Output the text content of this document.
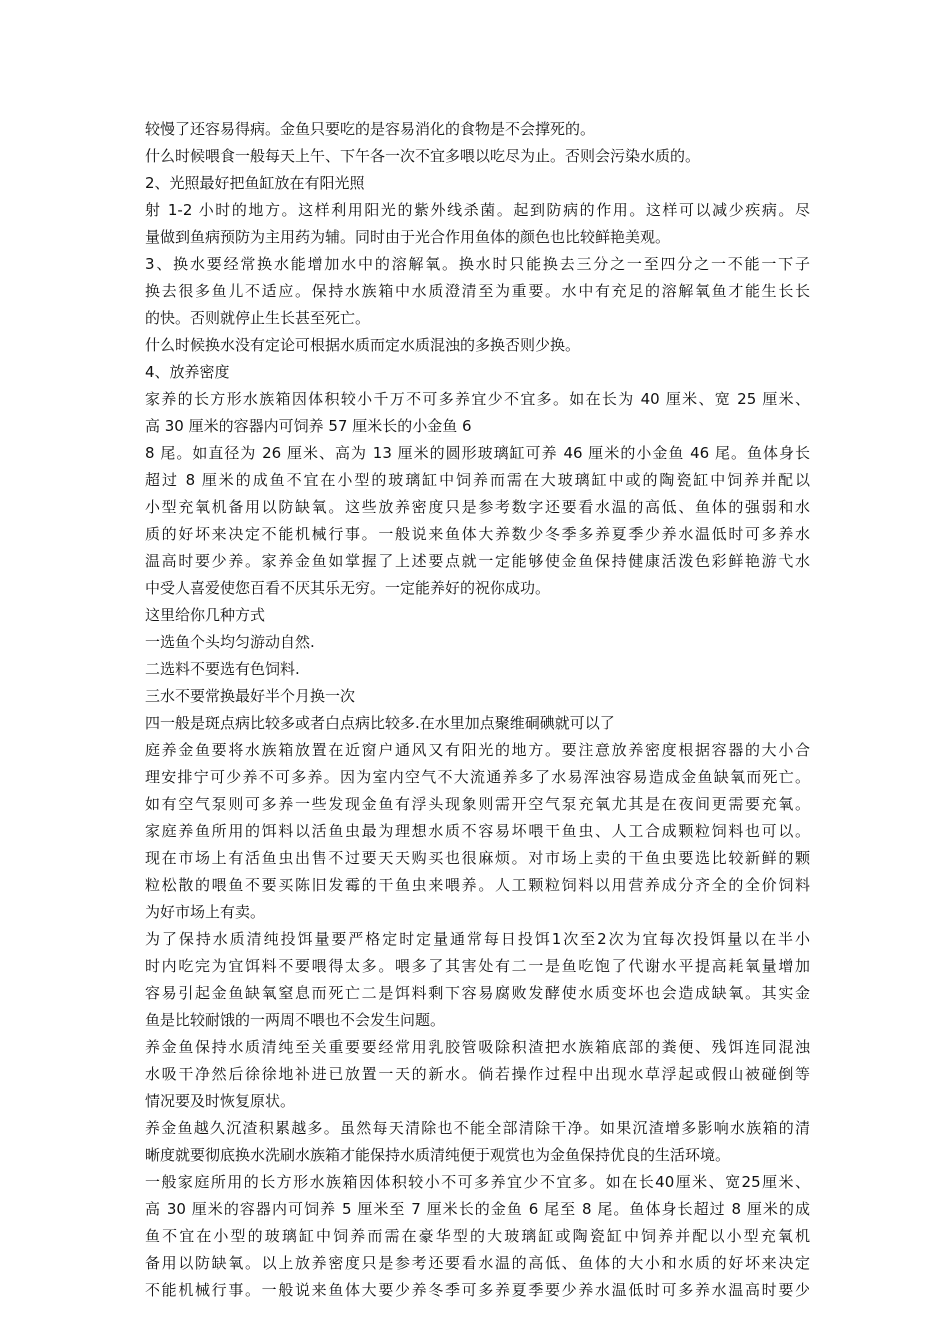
较慢了还容易得病。金鱼只要吃的是容易消化的食物是不会撑死的。
什么时候喂食一般每天上午、下午各一次不宜多喂以吃尽为止。否则会污染水质的。
2、光照最好把鱼缸放在有阳光照
射 1-2 小时的地方。这样利用阳光的紫外线杀菌。起到防病的作用。这样可以减少疾病。尽
量做到鱼病预防为主用药为辅。同时由于光合作用鱼体的颜色也比较鲜艳美观。
3、换水要经常换水能增加水中的溶解氧。换水时只能换去三分之一至四分之一不能一下子
换去很多鱼儿不适应。保持水族箱中水质澄清至为重要。水中有充足的溶解氧鱼才能生长长
的快。否则就停止生长甚至死亡。
什么时候换水没有定论可根据水质而定水质混浊的多换否则少换。
4、放养密度
家养的长方形水族箱因体积较小千万不可多养宜少不宜多。如在长为 40 厘米、宽 25 厘米、
高 30 厘米的容器内可饲养 57 厘米长的小金鱼 6
8 尾。如直径为 26 厘米、高为 13 厘米的圆形玻璃缸可养 46 厘米的小金鱼 46 尾。鱼体身长
超过 8 厘米的成鱼不宜在小型的玻璃缸中饲养而需在大玻璃缸中或的陶瓷缸中饲养并配以
小型充氧机备用以防缺氧。这些放养密度只是参考数字还要看水温的高低、鱼体的强弱和水
质的好坏来决定不能机械行事。一般说来鱼体大养数少冬季多养夏季少养水温低时可多养水
温高时要少养。家养金鱼如掌握了上述要点就一定能够使金鱼保持健康活泼色彩鲜艳游弋水
中受人喜爱使您百看不厌其乐无穷。一定能养好的祝你成功。
这里给你几种方式
一选鱼个头均匀游动自然.
二选料不要选有色饲料.
三水不要常换最好半个月换一次
四一般是斑点病比较多或者白点病比较多.在水里加点聚维硐碘就可以了
庭养金鱼要将水族箱放置在近窗户通风又有阳光的地方。要注意放养密度根据容器的大小合
理安排宁可少养不可多养。因为室内空气不大流通养多了水易浑浊容易造成金鱼缺氧而死亡。
如有空气泵则可多养一些发现金鱼有浮头现象则需开空气泵充氧尤其是在夜间更需要充氧。
家庭养鱼所用的饵料以活鱼虫最为理想水质不容易坏喂干鱼虫、人工合成颗粒饲料也可以。
现在市场上有活鱼虫出售不过要天天购买也很麻烦。对市场上卖的干鱼虫要选比较新鲜的颗
粒松散的喂鱼不要买陈旧发霉的干鱼虫来喂养。人工颗粒饲料以用营养成分齐全的全价饲料
为好市场上有卖。
为了保持水质清纯投饵量要严格定时定量通常每日投饵1次至2次为宜每次投饵量以在半小
时内吃完为宜饵料不要喂得太多。喂多了其害处有二一是鱼吃饱了代谢水平提高耗氧量增加
容易引起金鱼缺氧窒息而死亡二是饵料剩下容易腐败发酵使水质变坏也会造成缺氧。其实金
鱼是比较耐饿的一两周不喂也不会发生问题。
养金鱼保持水质清纯至关重要要经常用乳胶管吸除积渣把水族箱底部的粪便、残饵连同混浊
水吸干净然后徐徐地补进已放置一天的新水。倘若操作过程中出现水草浮起或假山被碰倒等
情况要及时恢复原状。
养金鱼越久沉渣积累越多。虽然每天清除也不能全部清除干净。如果沉渣增多影响水族箱的清
晰度就要彻底换水洗刷水族箱才能保持水质清纯便于观赏也为金鱼保持优良的生活环境。
一般家庭所用的长方形水族箱因体积较小不可多养宜少不宜多。如在长40厘米、宽25厘米、
高 30 厘米的容器内可饲养 5 厘米至 7 厘米长的金鱼 6 尾至 8 尾。鱼体身长超过 8 厘米的成
鱼不宜在小型的玻璃缸中饲养而需在豪华型的大玻璃缸或陶瓷缸中饲养并配以小型充氧机
备用以防缺氧。以上放养密度只是参考还要看水温的高低、鱼体的大小和水质的好坏来决定
不能机械行事。一般说来鱼体大要少养冬季可多养夏季要少养水温低时可多养水温高时要少
